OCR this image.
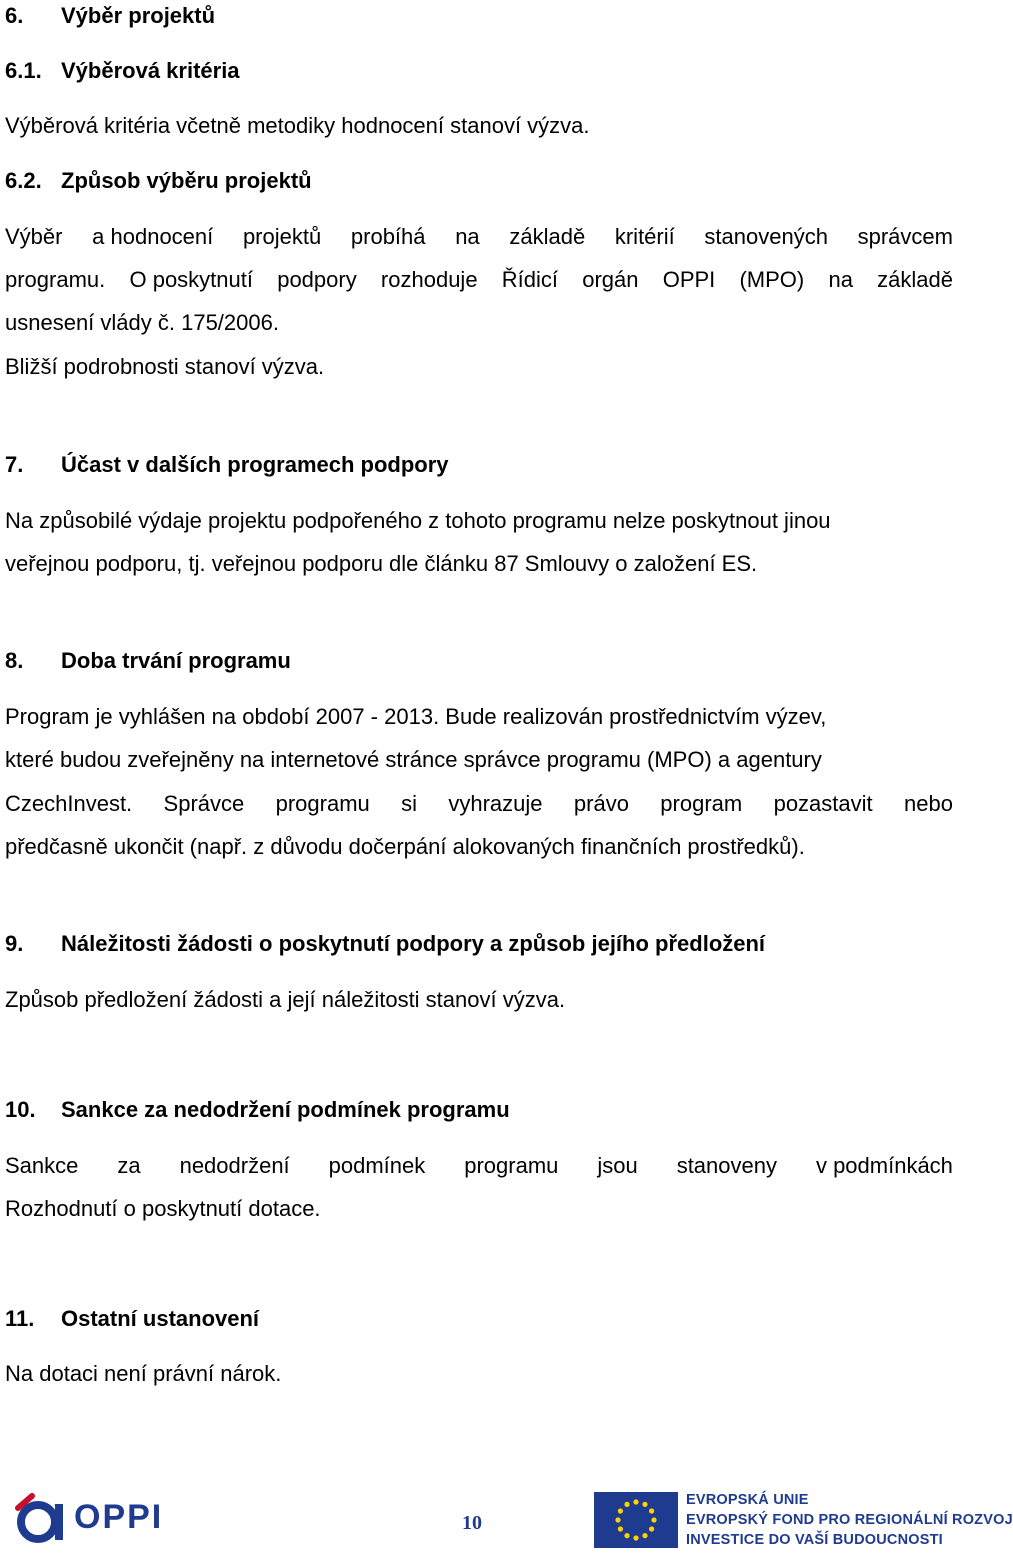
6. Výběr projektů
6.1. Výběrová kritéria
Výběrová kritéria včetně metodiky hodnocení stanoví výzva.
6.2. Způsob výběru projektů
Výběr a hodnocení projektů probíhá na základě kritérií stanovených správcem
programu. O poskytnutí podpory rozhoduje Řídicí orgán OPPI (MPO) na základě
usnesení vlády č. 175/2006.
Bližší podrobnosti stanoví výzva.
7. Účast v dalších programech podpory
Na způsobilé výdaje projektu podpořeného z tohoto programu nelze poskytnout jinou
veřejnou podporu, tj. veřejnou podporu dle článku 87 Smlouvy o založení ES.
8. Doba trvání programu
Program je vyhlášen na období 2007 - 2013. Bude realizován prostřednictvím výzev,
které budou zveřejněny na internetové stránce správce programu (MPO) a agentury
CzechInvest. Správce programu si vyhrazuje právo program pozastavit nebo
předčasně ukončit (např. z důvodu dočerpání alokovaných finančních prostředků).
9. Náležitosti žádosti o poskytnutí podpory a způsob jejího předložení
Způsob předložení žádosti a její náležitosti stanoví výzva.
10. Sankce za nedodržení podmínek programu
Sankce za nedodržení podmínek programu jsou stanoveny v podmínkách
Rozhodnutí o poskytnutí dotace.
11. Ostatní ustanovení
Na dotaci není právní nárok.
OPPI	10
EVROPSKÁ UNIE
EVROPSKÝ FOND PRO REGIONÁLNÍ ROZVOJ
INVESTICE DO VAŠÍ BUDOUCNOSTI
